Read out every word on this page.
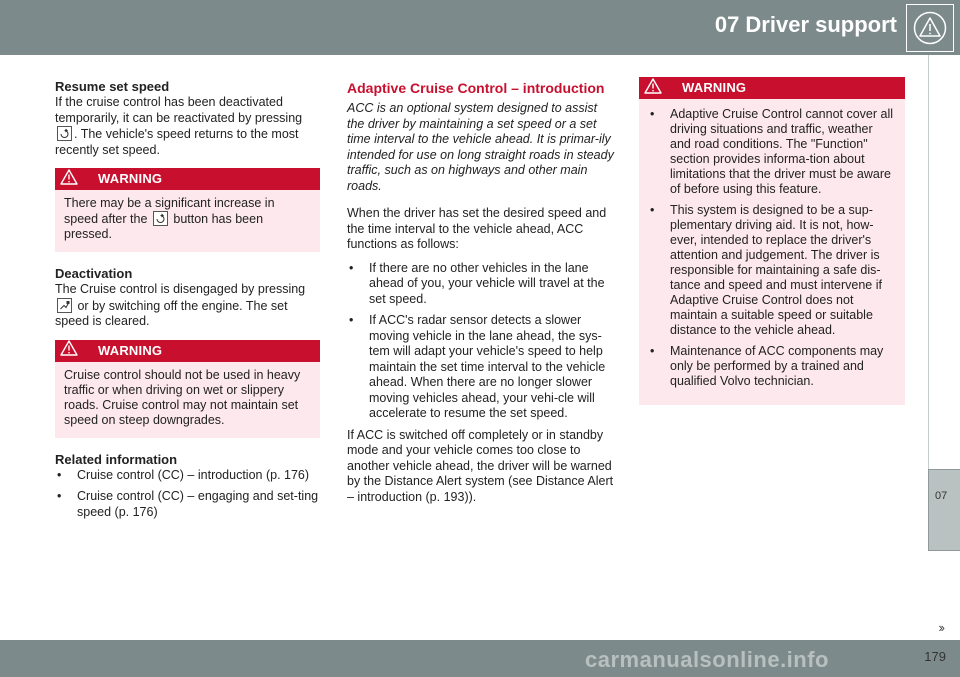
07 Driver support
07
››
Resume set speed
If the cruise control has been deactivated temporarily, it can be reactivated by pressing
. The vehicle's speed returns to the most recently set speed.
WARNING
There may be a significant increase in speed after the button has been pressed.
Deactivation
The Cruise control is disengaged by pressing
or by switching off the engine. The set speed is cleared.
WARNING
Cruise control should not be used in heavy traffic or when driving on wet or slippery roads. Cruise control may not maintain set speed on steep downgrades.
Related information
• Cruise control (CC) – introduction (p. 176)
• Cruise control (CC) – engaging and set-ting speed (p. 176)
Adaptive Cruise Control – introduction
ACC is an optional system designed to assist the driver by maintaining a set speed or a set time interval to the vehicle ahead. It is primar-ily intended for use on long straight roads in steady traffic, such as on highways and other main roads.
When the driver has set the desired speed and the time interval to the vehicle ahead, ACC functions as follows:
• If there are no other vehicles in the lane ahead of you, your vehicle will travel at the set speed.
• If ACC's radar sensor detects a slower moving vehicle in the lane ahead, the sys-tem will adapt your vehicle's speed to help maintain the set time interval to the vehicle ahead. When there are no longer slower moving vehicles ahead, your vehi-cle will accelerate to resume the set speed.
If ACC is switched off completely or in standby mode and your vehicle comes too close to another vehicle ahead, the driver will be warned by the Distance Alert system (see Distance Alert – introduction (p. 193)).
WARNING
• Adaptive Cruise Control cannot cover all driving situations and traffic, weather and road conditions. The "Function" section provides informa-tion about limitations that the driver must be aware of before using this feature.
• This system is designed to be a sup-plementary driving aid. It is not, how-ever, intended to replace the driver's attention and judgement. The driver is responsible for maintaining a safe dis-tance and speed and must intervene if Adaptive Cruise Control does not maintain a suitable speed or suitable distance to the vehicle ahead.
• Maintenance of ACC components may only be performed by a trained and qualified Volvo technician.
179
carmanualsonline.info
